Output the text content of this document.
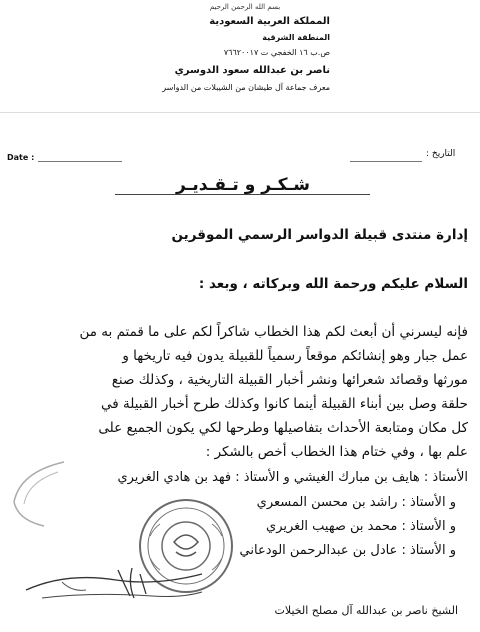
بسم الله الرحمن الرحيم
المملكة العربية السعودية
المنطقة الشرقية
ص.ب ١٦ الخفجي ت ٧٦٦٢٠٠١٧
ناصر بن عبدالله سعود الدوسري
معرف جماعة آل طيشان من الشيبلات من الدواسر
Date :	التاريخ :
شـكـر و تـقـديـر
إدارة منتدى قبيلة الدواسر الرسمي الموقرين
السلام عليكم ورحمة الله وبركاته ، وبعد :
فإنه ليسرني أن أبعث لكم هذا الخطاب شاكراً لكم على ما قمتم به من
عمل جبار وهو إنشائكم موقعاً رسمياً للقبيلة يدون فيه تاريخها و
مورثها وقصائد شعرائها ونشر أخبار القبيلة التاريخية ، وكذلك صنع
حلقة وصل بين أبناء القبيلة أينما كانوا وكذلك طرح أخبار القبيلة في
كل مكان ومتابعة الأحداث بتفاصيلها وطرحها لكي يكون الجميع على
علم بها ، وفي ختام هذا الخطاب أخص بالشكر :
الأستاذ : هايف بن مبارك الغيشي و الأستاذ : فهد بن هادي الغريري
و الأستاذ : راشد بن محسن المسعري
و الأستاذ : محمد بن صهيب الغريري
و الأستاذ : عادل بن عبدالرحمن الودعاني
الشيخ ناصر بن عبدالله آل مصلح الخيلات
